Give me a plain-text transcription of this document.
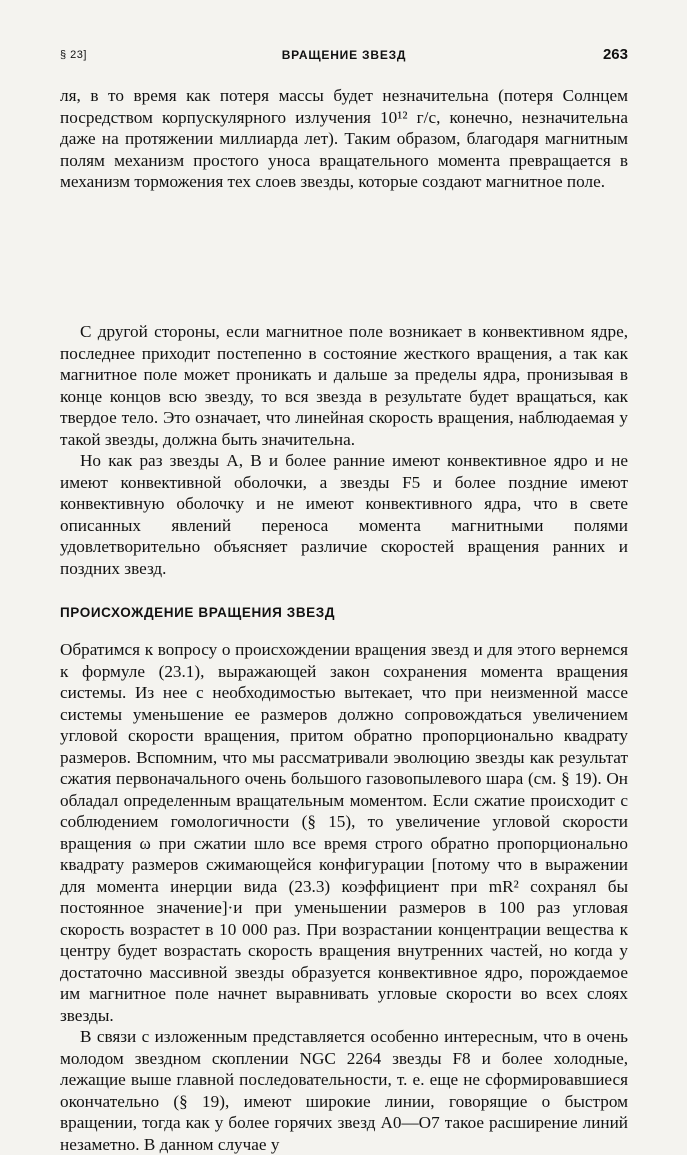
§ 23]	ВРАЩЕНИЕ ЗВЕЗД	263

ля, в то время как потеря массы будет незначительна (потеря Солнцем посредством корпускулярного излучения 10¹² г/с, конечно, незначительна даже на протяжении миллиарда лет). Таким образом, благодаря магнитным полям механизм простого уноса вращательного момента превращается в механизм торможения тех слоев звезды, которые создают магнитное поле.

С другой стороны, если магнитное поле возникает в конвективном ядре, последнее приходит постепенно в состояние жесткого вращения, а так как магнитное поле может проникать и дальше за пределы ядра, пронизывая в конце концов всю звезду, то вся звезда в результате будет вращаться, как твердое тело. Это означает, что линейная скорость вращения, наблюдаемая у такой звезды, должна быть значительна.

Но как раз звезды A, B и более ранние имеют конвективное ядро и не имеют конвективной оболочки, а звезды F5 и более поздние имеют конвективную оболочку и не имеют конвективного ядра, что в свете описанных явлений переноса момента магнитными полями удовлетворительно объясняет различие скоростей вращения ранних и поздних звезд.

ПРОИСХОЖДЕНИЕ ВРАЩЕНИЯ ЗВЕЗД

Обратимся к вопросу о происхождении вращения звезд и для этого вернемся к формуле (23.1), выражающей закон сохранения момента вращения системы. Из нее с необходимостью вытекает, что при неизменной массе системы уменьшение ее размеров должно сопровождаться увеличением угловой скорости вращения, притом обратно пропорционально квадрату размеров. Вспомним, что мы рассматривали эволюцию звезды как результат сжатия первоначального очень большого газовопылевого шара (см. § 19). Он обладал определенным вращательным моментом. Если сжатие происходит с соблюдением гомологичности (§ 15), то увеличение угловой скорости вращения ω при сжатии шло все время строго обратно пропорционально квадрату размеров сжимающейся конфигурации [потому что в выражении для момента инерции вида (23.3) коэффициент при mR² сохранял бы постоянное значение]·и при уменьшении размеров в 100 раз угловая скорость возрастет в 10 000 раз. При возрастании концентрации вещества к центру будет возрастать скорость вращения внутренних частей, но когда у достаточно массивной звезды образуется конвективное ядро, порождаемое им магнитное поле начнет выравнивать угловые скорости во всех слоях звезды.

В связи с изложенным представляется особенно интересным, что в очень молодом звездном скоплении NGC 2264 звезды F8 и более холодные, лежащие выше главной последовательности, т. е. еще не сформировавшиеся окончательно (§ 19), имеют широкие линии, говорящие о быстром вращении, тогда как у более горячих звезд A0—O7 такое расширение линий незаметно. В данном случае у
